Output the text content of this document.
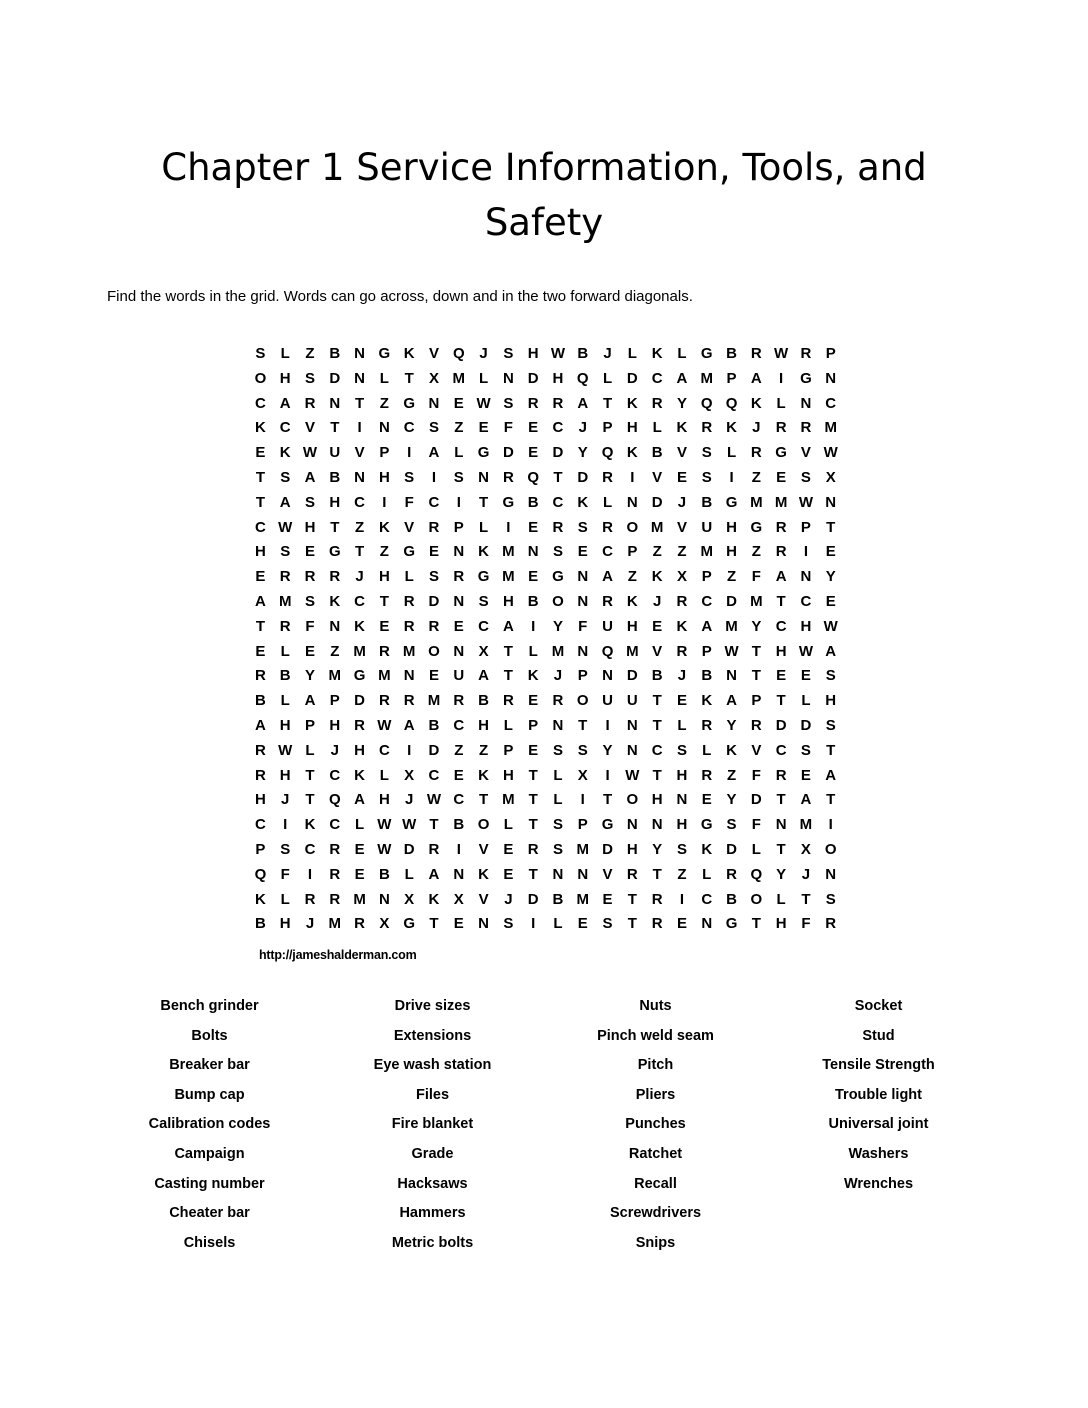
Chapter 1 Service Information, Tools, and
Safety

Find the words in the grid. Words can go across, down and in the two forward diagonals.

S	L	Z B N G K V Q J	S H W B	J	L K L G B R W R P
O H S D N L	T	X M L N D H Q L D C A M P A	I	G N
C A R N T	Z G N E W S R R A T K R Y Q Q K L N C
K C V	T	I	N C S	Z	E	F	E C	J	P H L K R K	J	R R M
E K W U V P	I	A L G D E D Y Q K B V S	L R G V W
T	S A B N H S	I	S N R Q T D R	I	V E S	I	Z	E S X
T A S H C	I	F C	I	T G B C K L N D	J	B G M M W N
C W H T	Z K V R P	L	I	E R S R O M V U H G R P	T
H S E G T	Z G E N K M N S E C P	Z	Z M H Z R	I	E
E R R R	J	H L	S R G M E G N A Z K X P	Z	F A N Y
A M S K C T R D N S H B O N R K	J	R C D M T C E
T R F N K E R R E C A	I	Y	F U H E K A M Y C H W
E	L	E	Z M R M O N X	T	L M N Q M V R P W T H W A
R B Y M G M N E U A T K	J	P N D B	J	B N T	E E S
B L A P D R R M R B R E R O U U T	E K A P	T	L H
A H P H R W A B C H L	P N T	I	N T	L R Y R D D S
R W L	J	H C	I	D Z	Z	P E S S Y N C S	L K V C S	T
R H T C K L	X C E K H T	L	X	I	W T H R Z	F R E A
H	J	T Q A H	J W C T M T	L	I	T O H N E Y D T A T
C	I	K C L W W T B O L	T	S P G N N H G S	F N M	I
P S C R E W D R	I	V E R S M D H Y S K D L	T	X O
Q F	I	R E B L A N K E	T N N V R T	Z	L R Q Y	J	N
K L R R M N X K X V	J	D B M E	T R	I	C B O L	T	S
B H	J M R X G T	E N S	I	L	E S	T R E N G T H F R
http://jameshalderman.com
Bench grinder
Bolts
Breaker bar
Bump cap
Calibration codes
Campaign
Casting number
Cheater bar
Chisels
Drive sizes
Extensions
Eye wash station
Files
Fire blanket
Grade
Hacksaws
Hammers
Metric bolts
Nuts
Pinch weld seam
Pitch
Pliers
Punches
Ratchet
Recall
Screwdrivers
Snips
Socket
Stud
Tensile Strength
Trouble light
Universal joint
Washers
Wrenches
